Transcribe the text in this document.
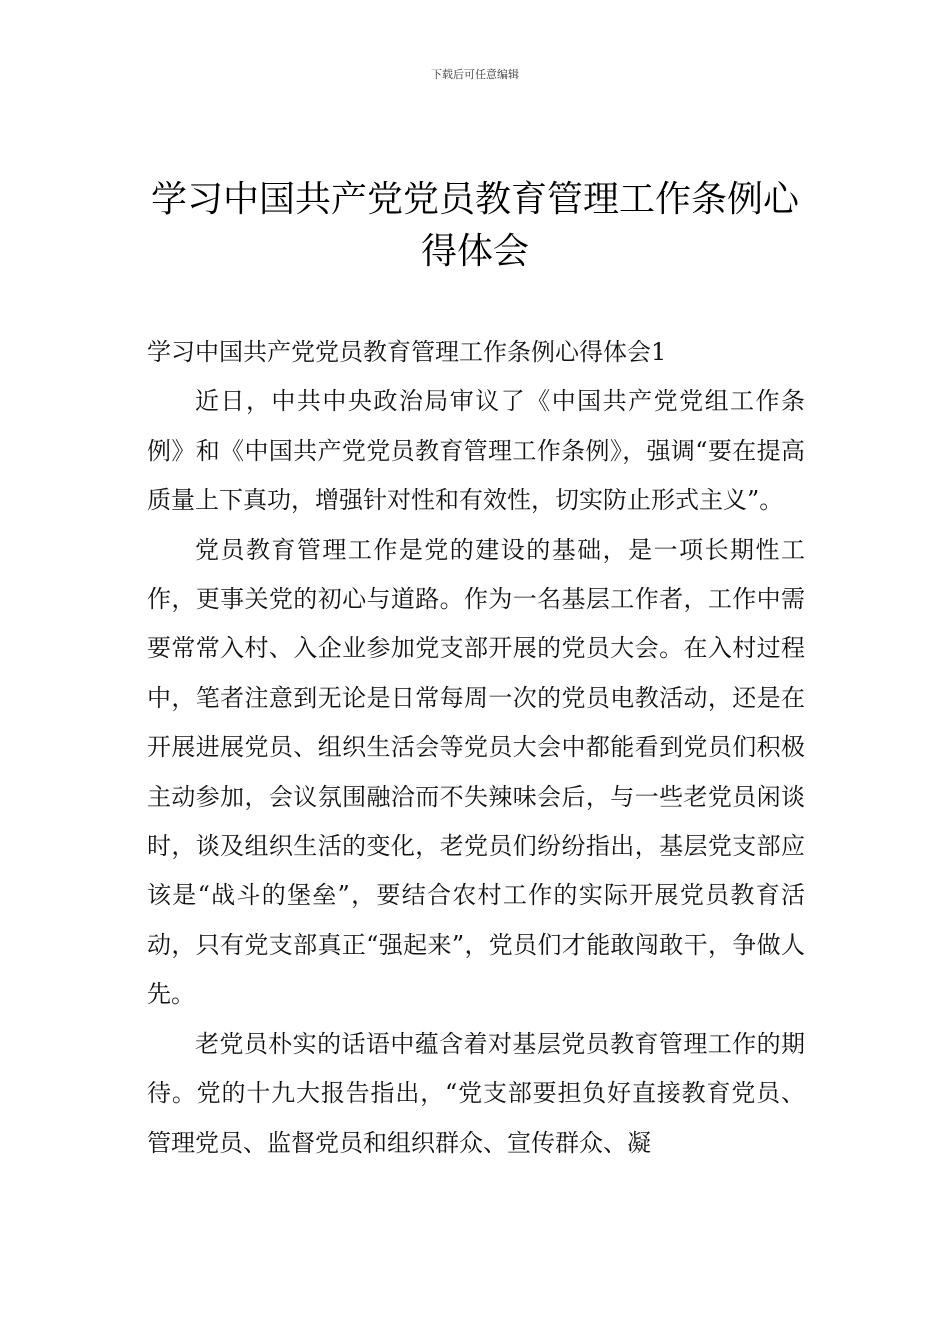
下载后可任意编辑
学习中国共产党党员教育管理工作条例心得体会

学习中国共产党党员教育管理工作条例心得体会1

近日，中共中央政治局审议了《中国共产党党组工作条例》和《中国共产党党员教育管理工作条例》，强调“要在提高质量上下真功，增强针对性和有效性，切实防止形式主义”。

党员教育管理工作是党的建设的基础，是一项长期性工作，更事关党的初心与道路。作为一名基层工作者，工作中需要常常入村、入企业参加党支部开展的党员大会。在入村过程中，笔者注意到无论是日常每周一次的党员电教活动，还是在开展进展党员、组织生活会等党员大会中都能看到党员们积极主动参加，会议氛围融洽而不失辣味会后，与一些老党员闲谈时，谈及组织生活的变化，老党员们纷纷指出，基层党支部应该是“战斗的堡垒”，要结合农村工作的实际开展党员教育活动，只有党支部真正“强起来”，党员们才能敢闯敢干，争做人先。

老党员朴实的话语中蕴含着对基层党员教育管理工作的期待。党的十九大报告指出，“党支部要担负好直接教育党员、管理党员、监督党员和组织群众、宣传群众、凝
